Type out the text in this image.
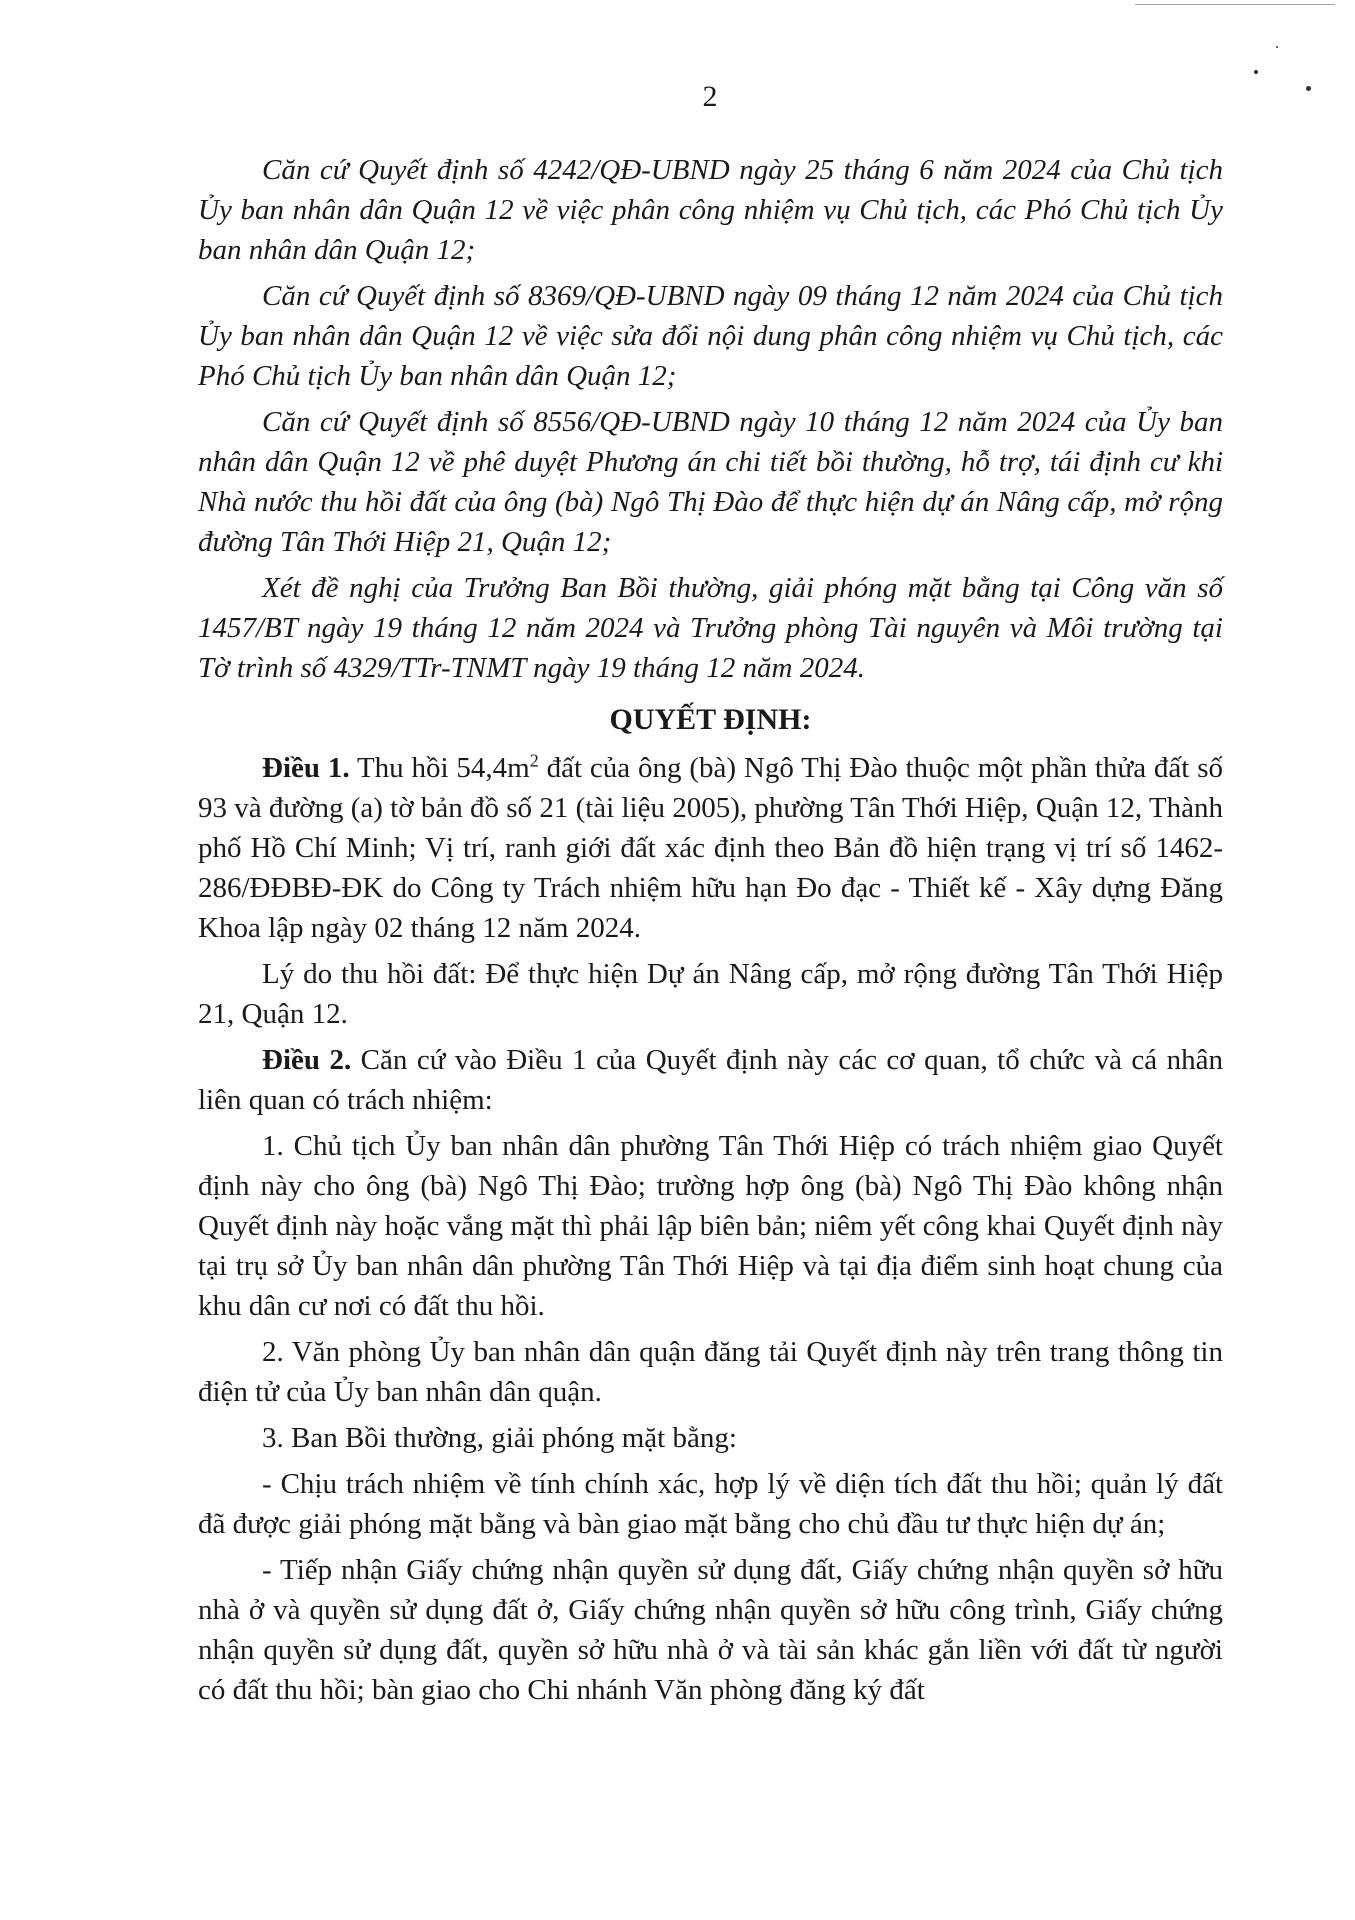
2

Căn cứ Quyết định số 4242/QĐ-UBND ngày 25 tháng 6 năm 2024 của Chủ tịch Ủy ban nhân dân Quận 12 về việc phân công nhiệm vụ Chủ tịch, các Phó Chủ tịch Ủy ban nhân dân Quận 12;

Căn cứ Quyết định số 8369/QĐ-UBND ngày 09 tháng 12 năm 2024 của Chủ tịch Ủy ban nhân dân Quận 12 về việc sửa đổi nội dung phân công nhiệm vụ Chủ tịch, các Phó Chủ tịch Ủy ban nhân dân Quận 12;

Căn cứ Quyết định số 8556/QĐ-UBND ngày 10 tháng 12 năm 2024 của Ủy ban nhân dân Quận 12 về phê duyệt Phương án chi tiết bồi thường, hỗ trợ, tái định cư khi Nhà nước thu hồi đất của ông (bà) Ngô Thị Đào để thực hiện dự án Nâng cấp, mở rộng đường Tân Thới Hiệp 21, Quận 12;

Xét đề nghị của Trưởng Ban Bồi thường, giải phóng mặt bằng tại Công văn số 1457/BT ngày 19 tháng 12 năm 2024 và Trưởng phòng Tài nguyên và Môi trường tại Tờ trình số 4329/TTr-TNMT ngày 19 tháng 12 năm 2024.

QUYẾT ĐỊNH:

Điều 1. Thu hồi $54,4m^2$ đất của ông (bà) Ngô Thị Đào thuộc một phần thửa đất số 93 và đường (a) tờ bản đồ số 21 (tài liệu 2005), phường Tân Thới Hiệp, Quận 12, Thành phố Hồ Chí Minh; Vị trí, ranh giới đất xác định theo Bản đồ hiện trạng vị trí số 1462-286/ĐĐBĐ-ĐK do Công ty Trách nhiệm hữu hạn Đo đạc - Thiết kế - Xây dựng Đăng Khoa lập ngày 02 tháng 12 năm 2024.

Lý do thu hồi đất: Để thực hiện Dự án Nâng cấp, mở rộng đường Tân Thới Hiệp 21, Quận 12.

Điều 2. Căn cứ vào Điều 1 của Quyết định này các cơ quan, tổ chức và cá nhân liên quan có trách nhiệm:

1. Chủ tịch Ủy ban nhân dân phường Tân Thới Hiệp có trách nhiệm giao Quyết định này cho ông (bà) Ngô Thị Đào; trường hợp ông (bà) Ngô Thị Đào không nhận Quyết định này hoặc vắng mặt thì phải lập biên bản; niêm yết công khai Quyết định này tại trụ sở Ủy ban nhân dân phường Tân Thới Hiệp và tại địa điểm sinh hoạt chung của khu dân cư nơi có đất thu hồi.

2. Văn phòng Ủy ban nhân dân quận đăng tải Quyết định này trên trang thông tin điện tử của Ủy ban nhân dân quận.

3. Ban Bồi thường, giải phóng mặt bằng:

- Chịu trách nhiệm về tính chính xác, hợp lý về diện tích đất thu hồi; quản lý đất đã được giải phóng mặt bằng và bàn giao mặt bằng cho chủ đầu tư thực hiện dự án;

- Tiếp nhận Giấy chứng nhận quyền sử dụng đất, Giấy chứng nhận quyền sở hữu nhà ở và quyền sử dụng đất ở, Giấy chứng nhận quyền sở hữu công trình, Giấy chứng nhận quyền sử dụng đất, quyền sở hữu nhà ở và tài sản khác gắn liền với đất từ người có đất thu hồi; bàn giao cho Chi nhánh Văn phòng đăng ký đất
